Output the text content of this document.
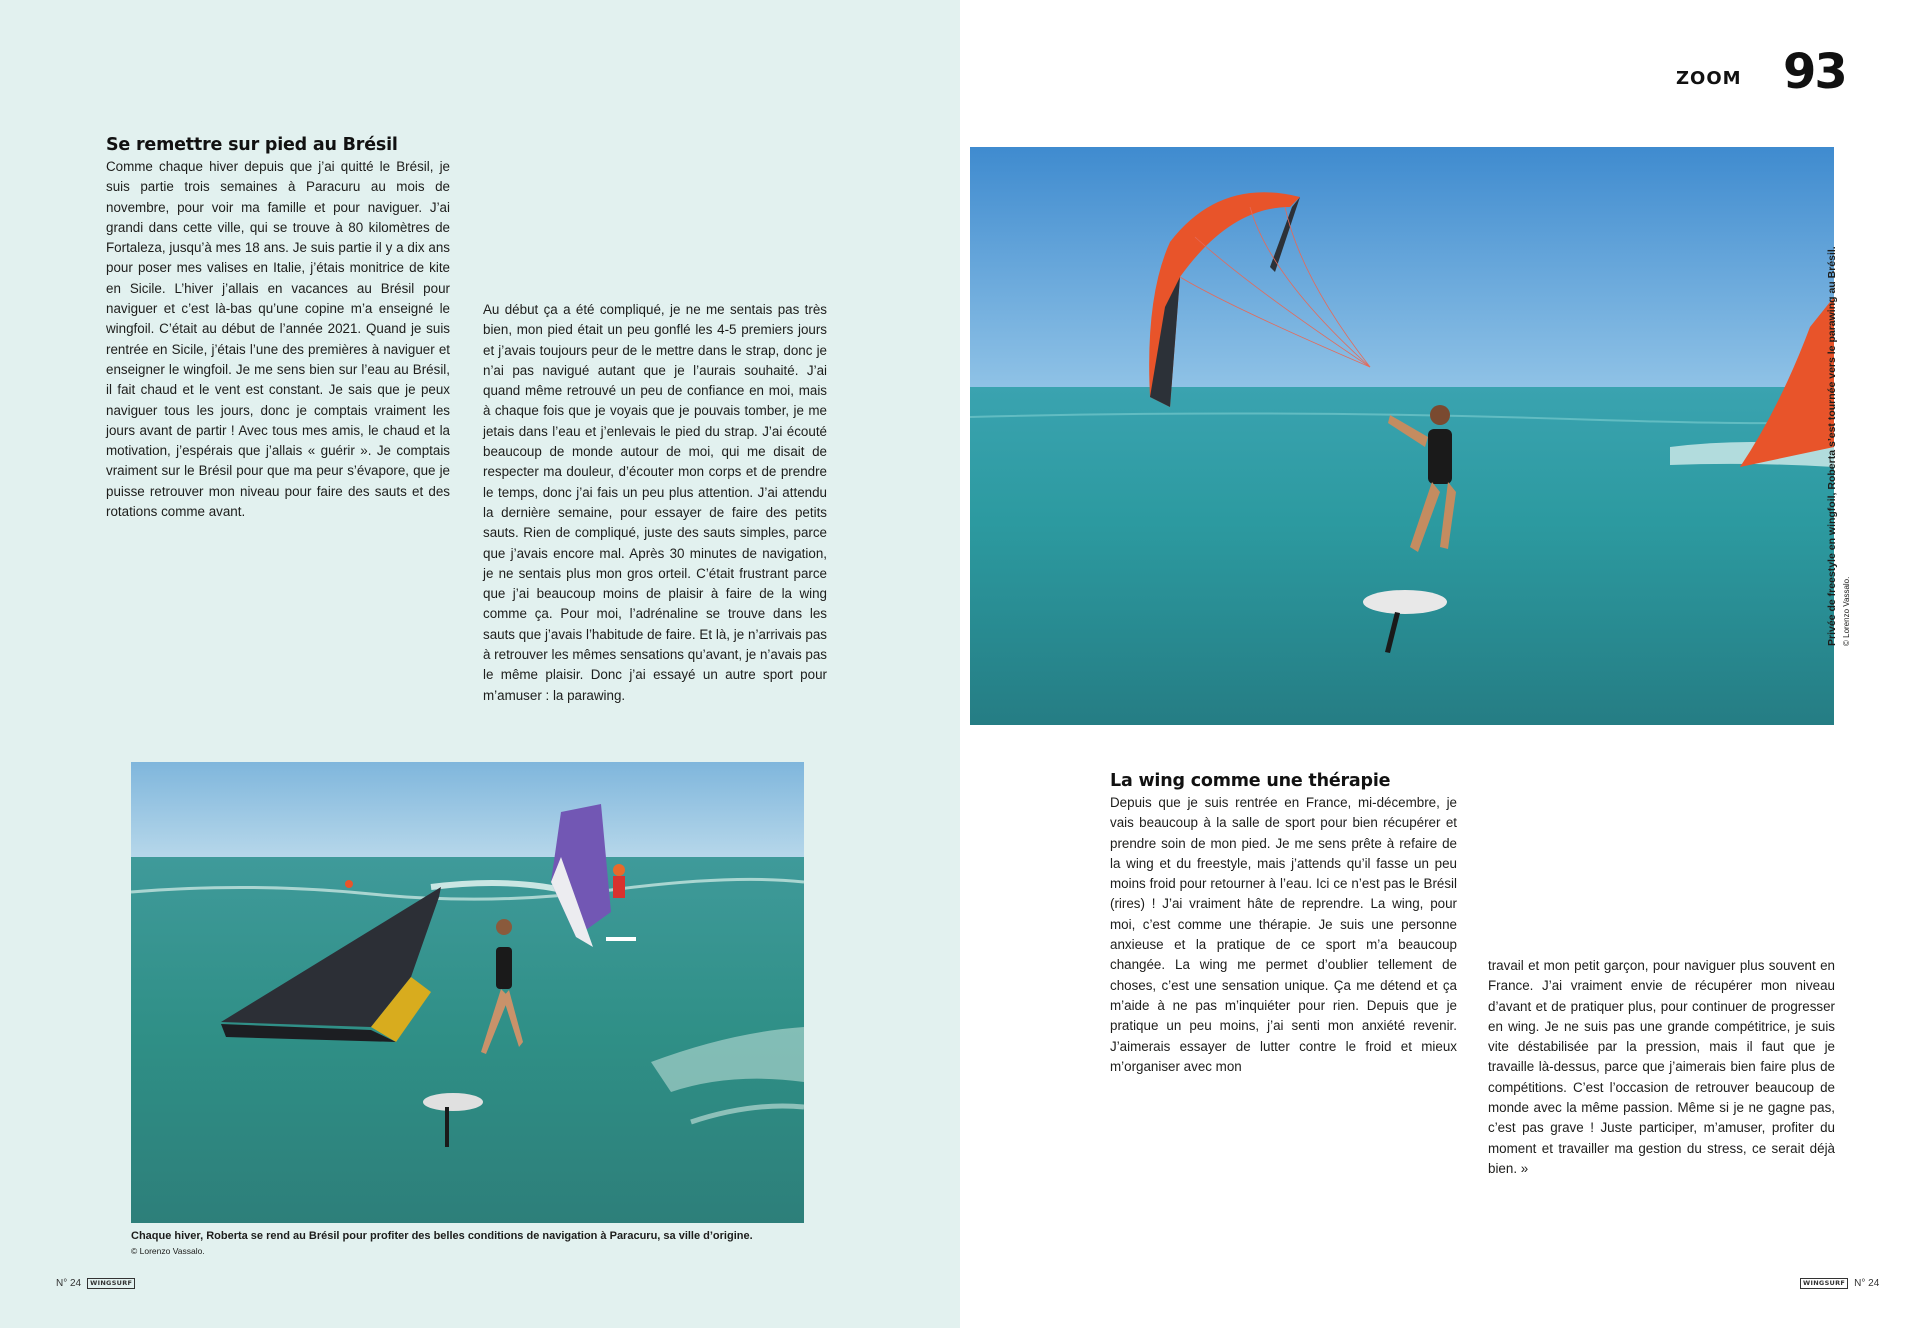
ZOOM 93
Se remettre sur pied au Brésil

Comme chaque hiver depuis que j’ai quitté le Brésil, je suis partie trois semaines à Paracuru au mois de novembre, pour voir ma famille et pour naviguer. J’ai grandi dans cette ville, qui se trouve à 80 kilomètres de Fortaleza, jusqu’à mes 18 ans. Je suis partie il y a dix ans pour poser mes valises en Italie, j’étais monitrice de kite en Sicile. L’hiver j’allais en vacances au Brésil pour naviguer et c’est là-bas qu’une copine m’a enseigné le wingfoil. C’était au début de l’année 2021. Quand je suis rentrée en Sicile, j’étais l’une des premières à naviguer et enseigner le wingfoil. Je me sens bien sur l’eau au Brésil, il fait chaud et le vent est constant. Je sais que je peux naviguer tous les jours, donc je comptais vraiment les jours avant de partir ! Avec tous mes amis, le chaud et la motivation, j’espérais que j’allais « guérir ». Je comptais vraiment sur le Brésil pour que ma peur s’évapore, que je puisse retrouver mon niveau pour faire des sauts et des rotations comme avant.

Au début ça a été compliqué, je ne me sentais pas très bien, mon pied était un peu gonflé les 4-5 premiers jours et j’avais toujours peur de le mettre dans le strap, donc je n’ai pas navigué autant que je l’aurais souhaité. J’ai quand même retrouvé un peu de confiance en moi, mais à chaque fois que je voyais que je pouvais tomber, je me jetais dans l’eau et j’enlevais le pied du strap. J’ai écouté beaucoup de monde autour de moi, qui me disait de respecter ma douleur, d’écouter mon corps et de prendre le temps, donc j’ai fais un peu plus attention. J’ai attendu la dernière semaine, pour essayer de faire des petits sauts. Rien de compliqué, juste des sauts simples, parce que j’avais encore mal. Après 30 minutes de navigation, je ne sentais plus mon gros orteil. C’était frustrant parce que j’ai beaucoup moins de plaisir à faire de la wing comme ça. Pour moi, l’adrénaline se trouve dans les sauts que j’avais l’habitude de faire. Et là, je n’arrivais pas à retrouver les mêmes sensations qu’avant, je n’avais pas le même plaisir. Donc j’ai essayé un autre sport pour m’amuser : la parawing.

Chaque hiver, Roberta se rend au Brésil pour profiter des belles conditions de navigation à Paracuru, sa ville d’origine.
© Lorenzo Vassalo.
Privée de freestyle en wingfoil, Roberta s’est tournée vers le parawing au Brésil. © Lorenzo Vassalo.
La wing comme une thérapie

Depuis que je suis rentrée en France, mi-décembre, je vais beaucoup à la salle de sport pour bien récupérer et prendre soin de mon pied. Je me sens prête à refaire de la wing et du freestyle, mais j’attends qu’il fasse un peu moins froid pour retourner à l’eau. Ici ce n’est pas le Brésil (rires) ! J’ai vraiment hâte de reprendre. La wing, pour moi, c’est comme une thérapie. Je suis une personne anxieuse et la pratique de ce sport m’a beaucoup changée. La wing me permet d’oublier tellement de choses, c’est une sensation unique. Ça me détend et ça m’aide à ne pas m’inquiéter pour rien. Depuis que je pratique un peu moins, j’ai senti mon anxiété revenir. J’aimerais essayer de lutter contre le froid et mieux m’organiser avec mon

travail et mon petit garçon, pour naviguer plus souvent en France. J’ai vraiment envie de récupérer mon niveau d’avant et de pratiquer plus, pour continuer de progresser en wing. Je ne suis pas une grande compétitrice, je suis vite déstabilisée par la pression, mais il faut que je travaille là-dessus, parce que j’aimerais bien faire plus de compétitions. C’est l’occasion de retrouver beaucoup de monde avec la même passion. Même si je ne gagne pas, c’est pas grave ! Juste participer, m’amuser, profiter du moment et travailler ma gestion du stress, ce serait déjà bien. »

N° 24	WINGSURF	WINGSURF N° 24
